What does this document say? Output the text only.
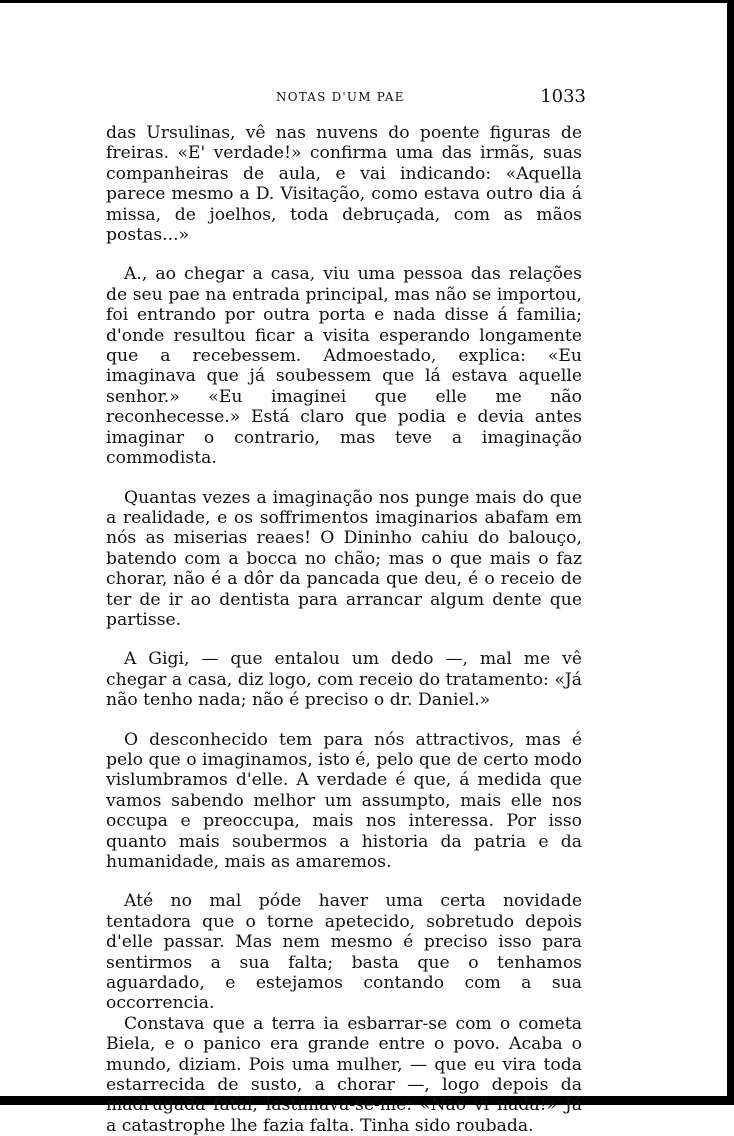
NOTAS D'UM PAE	1033

das Ursulinas, vê nas nuvens do poente figuras de freiras. «E' verdade!» confirma uma das irmãs, suas companheiras de aula, e vai indicando: «Aquella parece mesmo a D. Visitação, como estava outro dia á missa, de joelhos, toda debruçada, com as mãos postas...»

A., ao chegar a casa, viu uma pessoa das relações de seu pae na entrada principal, mas não se importou, foi entrando por outra porta e nada disse á familia; d'onde resultou ficar a visita esperando longamente que a recebessem. Admoestado, explica: «Eu imaginava que já soubessem que lá estava aquelle senhor.» «Eu imaginei que elle me não reconhecesse.» Está claro que podia e devia antes imaginar o contrario, mas teve a imaginação commodista.

Quantas vezes a imaginação nos punge mais do que a realidade, e os soffrimentos imaginarios abafam em nós as miserias reaes! O Dininho cahiu do balouço, batendo com a bocca no chão; mas o que mais o faz chorar, não é a dôr da pancada que deu, é o receio de ter de ir ao dentista para arrancar algum dente que partisse.

A Gigi, — que entalou um dedo —, mal me vê chegar a casa, diz logo, com receio do tratamento: «Já não tenho nada; não é preciso o dr. Daniel.»

O desconhecido tem para nós attractivos, mas é pelo que o imaginamos, isto é, pelo que de certo modo vislumbramos d'elle. A verdade é que, á medida que vamos sabendo melhor um assumpto, mais elle nos occupa e preoccupa, mais nos interessa. Por isso quanto mais soubermos a historia da patria e da humanidade, mais as amaremos.

Até no mal póde haver uma certa novidade tentadora que o torne apetecido, sobretudo depois d'elle passar. Mas nem mesmo é preciso isso para sentirmos a sua falta; basta que o tenhamos aguardado, e estejamos contando com a sua occorrencia.

Constava que a terra ia esbarrar-se com o cometa Biela, e o panico era grande entre o povo. Acaba o mundo, diziam. Pois uma mulher, — que eu vira toda estarrecida de susto, a chorar —, logo depois da madrugada fatal, lastimava-se-me: «Não vi nada!» Já a catastrophe lhe fazia falta. Tinha sido roubada.
